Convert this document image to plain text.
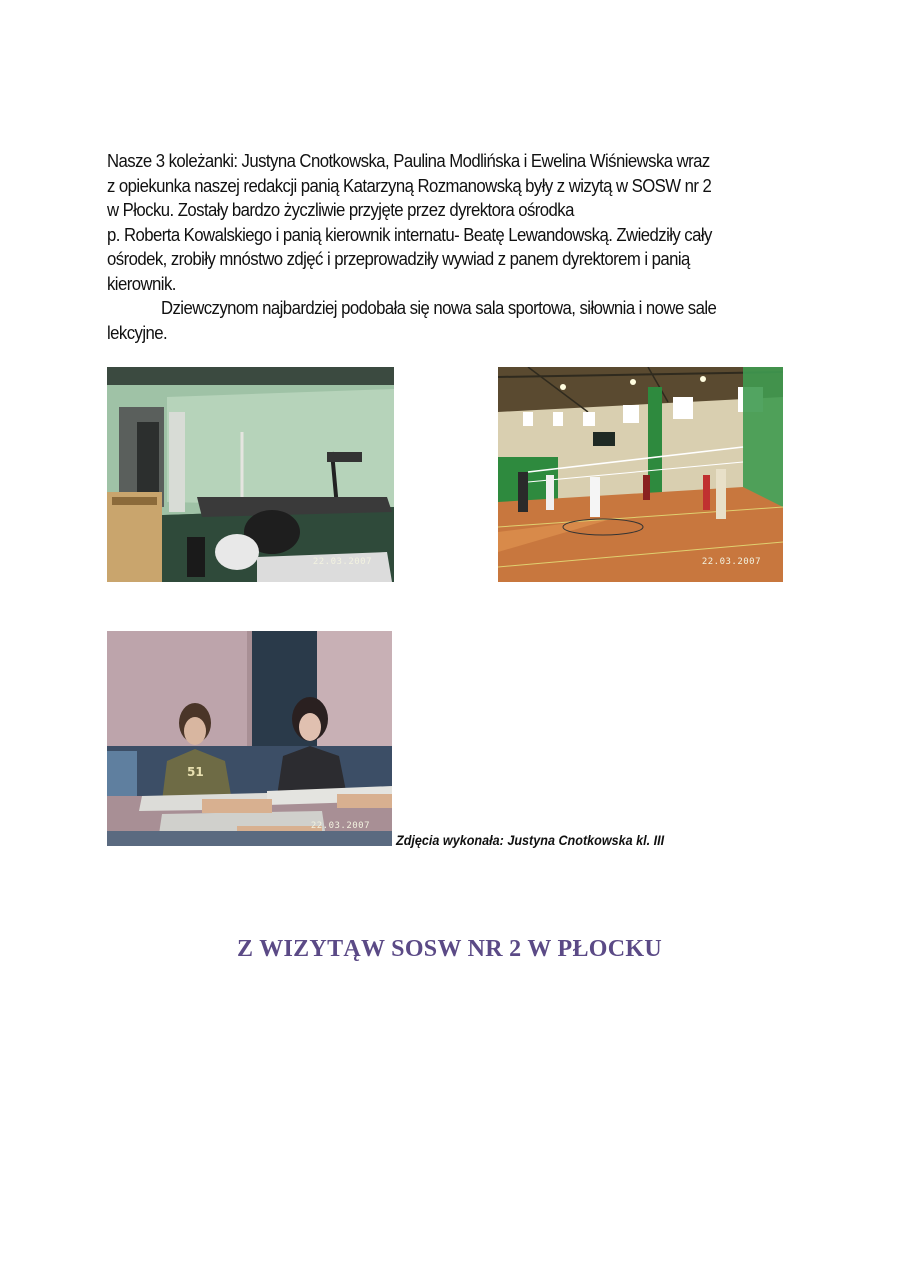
Nasze 3 koleżanki: Justyna Cnotkowska, Paulina Modlińska i Ewelina Wiśniewska wraz
z opiekunka naszej redakcji panią Katarzyną Rozmanowską były z wizytą w SOSW nr 2
w Płocku. Zostały bardzo życzliwie przyjęte przez dyrektora ośrodka
p. Roberta Kowalskiego i panią kierownik internatu- Beatę Lewandowską. Zwiedziły cały
ośrodek, zrobiły mnóstwo zdjęć i przeprowadziły wywiad z panem dyrektorem i panią
kierownik.
Dziewczynom najbardziej podobała się nowa sala sportowa, siłownia i nowe sale
lekcyjne.
22.03.2007	22.03.2007
51
22.03.2007
Zdjęcia wykonała: Justyna Cnotkowska kl. III
Z WIZYTĄW SOSW NR 2 W PŁOCKU
